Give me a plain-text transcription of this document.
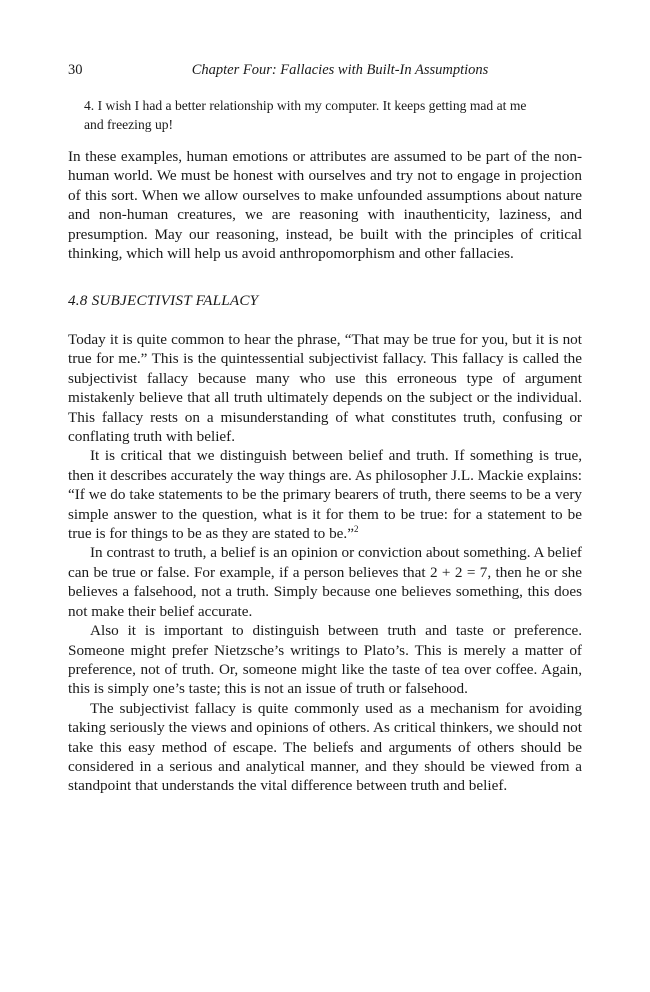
30	Chapter Four: Fallacies with Built-In Assumptions
4. I wish I had a better relationship with my computer. It keeps getting mad at me and freezing up!

In these examples, human emotions or attributes are assumed to be part of the non-human world. We must be honest with ourselves and try not to engage in projection of this sort. When we allow ourselves to make unfounded assumptions about nature and non-human creatures, we are reasoning with inauthenticity, laziness, and presumption. May our reasoning, instead, be built with the principles of critical thinking, which will help us avoid anthropomorphism and other fallacies.

4.8 SUBJECTIVIST FALLACY

Today it is quite common to hear the phrase, “That may be true for you, but it is not true for me.” This is the quintessential subjectivist fallacy. This fallacy is called the subjectivist fallacy because many who use this erroneous type of argument mistakenly believe that all truth ultimately depends on the subject or the individual. This fallacy rests on a misunderstanding of what constitutes truth, confusing or conflating truth with belief.

It is critical that we distinguish between belief and truth. If something is true, then it describes accurately the way things are. As philosopher J.L. Mackie explains: “If we do take statements to be the primary bearers of truth, there seems to be a very simple answer to the question, what is it for them to be true: for a statement to be true is for things to be as they are stated to be.”$^2$

In contrast to truth, a belief is an opinion or conviction about something. A belief can be true or false. For example, if a person believes that 2 + 2 = 7, then he or she believes a falsehood, not a truth. Simply because one believes something, this does not make their belief accurate.

Also it is important to distinguish between truth and taste or preference. Someone might prefer Nietzsche’s writings to Plato’s. This is merely a matter of preference, not of truth. Or, someone might like the taste of tea over coffee. Again, this is simply one’s taste; this is not an issue of truth or falsehood.

The subjectivist fallacy is quite commonly used as a mechanism for avoiding taking seriously the views and opinions of others. As critical thinkers, we should not take this easy method of escape. The beliefs and arguments of others should be considered in a serious and analytical manner, and they should be viewed from a standpoint that understands the vital difference between truth and belief.
